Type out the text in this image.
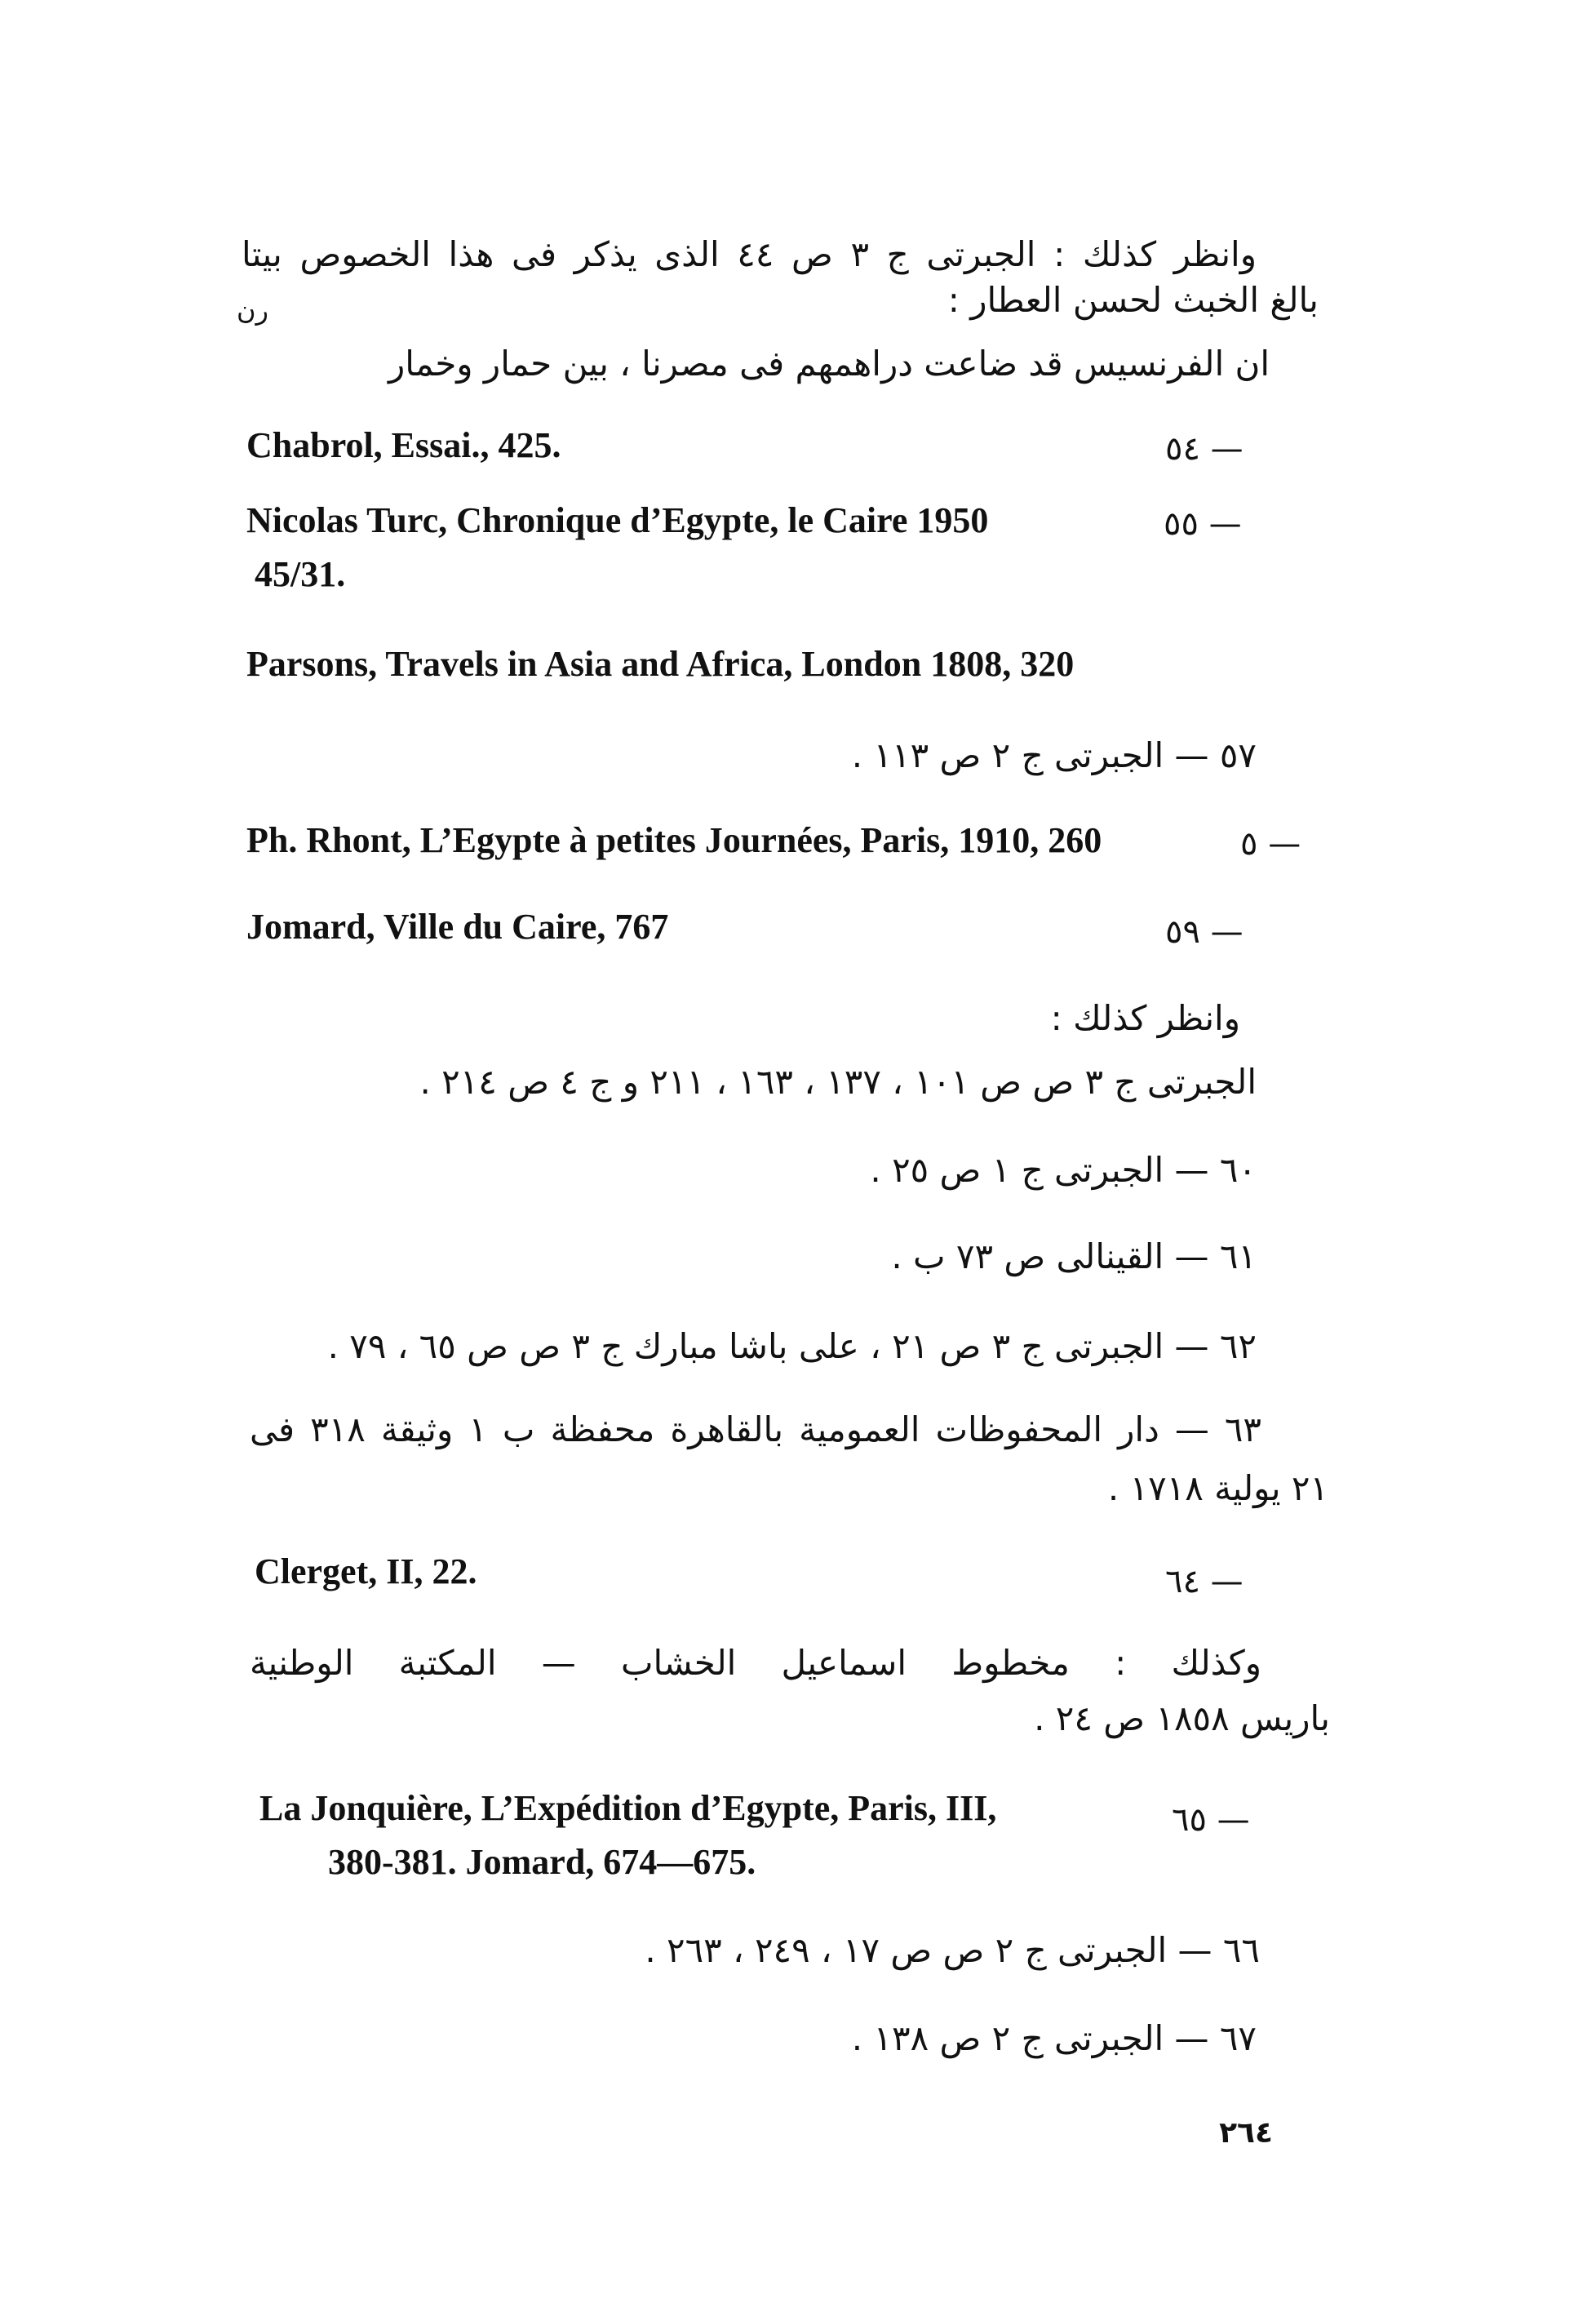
وانظر كذلك : الجبرتى ج ٣ ص ٤٤ الذى يذكر فى هذا الخصوص بيتا
بالغ الخبث لحسن العطار :
رن
ان الفرنسيس قد ضاعت دراهمهم فى مصرنا ، بين حمار وخمار
— ٥٤
Chabrol, Essai., 425.
— ٥٥
Nicolas Turc, Chronique d’Egypte, le Caire 1950
45/31.
Parsons, Travels in Asia and Africa, London 1808, 320
٥٧ — الجبرتى ج ٢ ص ١١٣ .
— ٥
Ph. Rhont, L’Egypte à petites Journées, Paris, 1910, 260
— ٥٩
Jomard, Ville du Caire, 767
وانظر كذلك :
الجبرتى ج ٣ ص ص ١٠١ ، ١٣٧ ، ١٦٣ ، ٢١١ و ج ٤ ص ٢١٤ .
٦٠ — الجبرتى ج ١ ص ٢٥ .
٦١ — القينالى ص ٧٣ ب .
٦٢ — الجبرتى ج ٣ ص ٢١ ، على باشا مبارك ج ٣ ص ص ٦٥ ، ٧٩ .
٦٣ — دار المحفوظات العمومية بالقاهرة محفظة ب ١ وثيقة ٣١٨ فى
٢١ يولية ١٧١٨ .
— ٦٤
Clerget, II, 22.
وكذلك : مخطوط اسماعيل الخشاب — المكتبة الوطنية
باريس ١٨٥٨ ص ٢٤ .
— ٦٥
La Jonquière, L’Expédition d’Egypte, Paris, III,
380-381. Jomard, 674—675.
٦٦ — الجبرتى ج ٢ ص ص ١٧ ، ٢٤٩ ، ٢٦٣ .
٦٧ — الجبرتى ج ٢ ص ١٣٨ .
٢٦٤
